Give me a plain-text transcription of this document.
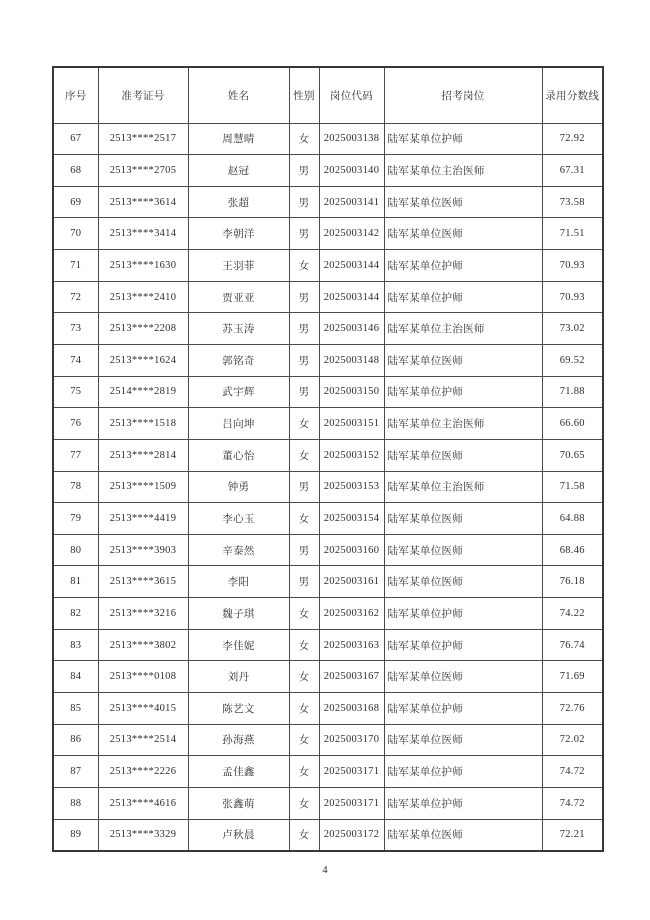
序号	准考证号	姓名	性别	岗位代码	招考岗位	录用分数线
67	2513****2517	周慧晴	女	2025003138	陆军某单位护师	72.92
68	2513****2705	赵冠	男	2025003140	陆军某单位主治医师	67.31
69	2513****3614	张超	男	2025003141	陆军某单位医师	73.58
70	2513****3414	李朝洋	男	2025003142	陆军某单位医师	71.51
71	2513****1630	王羽菲	女	2025003144	陆军某单位护师	70.93
72	2513****2410	贾亚亚	男	2025003144	陆军某单位护师	70.93
73	2513****2208	苏玉涛	男	2025003146	陆军某单位主治医师	73.02
74	2513****1624	郭铭奇	男	2025003148	陆军某单位医师	69.52
75	2514****2819	武宇辉	男	2025003150	陆军某单位护师	71.88
76	2513****1518	吕向坤	女	2025003151	陆军某单位主治医师	66.60
77	2513****2814	董心怡	女	2025003152	陆军某单位医师	70.65
78	2513****1509	钟勇	男	2025003153	陆军某单位主治医师	71.58
79	2513****4419	李心玉	女	2025003154	陆军某单位医师	64.88
80	2513****3903	辛泰然	男	2025003160	陆军某单位医师	68.46
81	2513****3615	李阳	男	2025003161	陆军某单位医师	76.18
82	2513****3216	魏子琪	女	2025003162	陆军某单位护师	74.22
83	2513****3802	李佳妮	女	2025003163	陆军某单位护师	76.74
84	2513****0108	刘丹	女	2025003167	陆军某单位医师	71.69
85	2513****4015	陈艺文	女	2025003168	陆军某单位护师	72.76
86	2513****2514	孙海燕	女	2025003170	陆军某单位医师	72.02
87	2513****2226	孟佳鑫	女	2025003171	陆军某单位护师	74.72
88	2513****4616	张鑫萌	女	2025003171	陆军某单位护师	74.72
89	2513****3329	卢秋晨	女	2025003172	陆军某单位医师	72.21
4
